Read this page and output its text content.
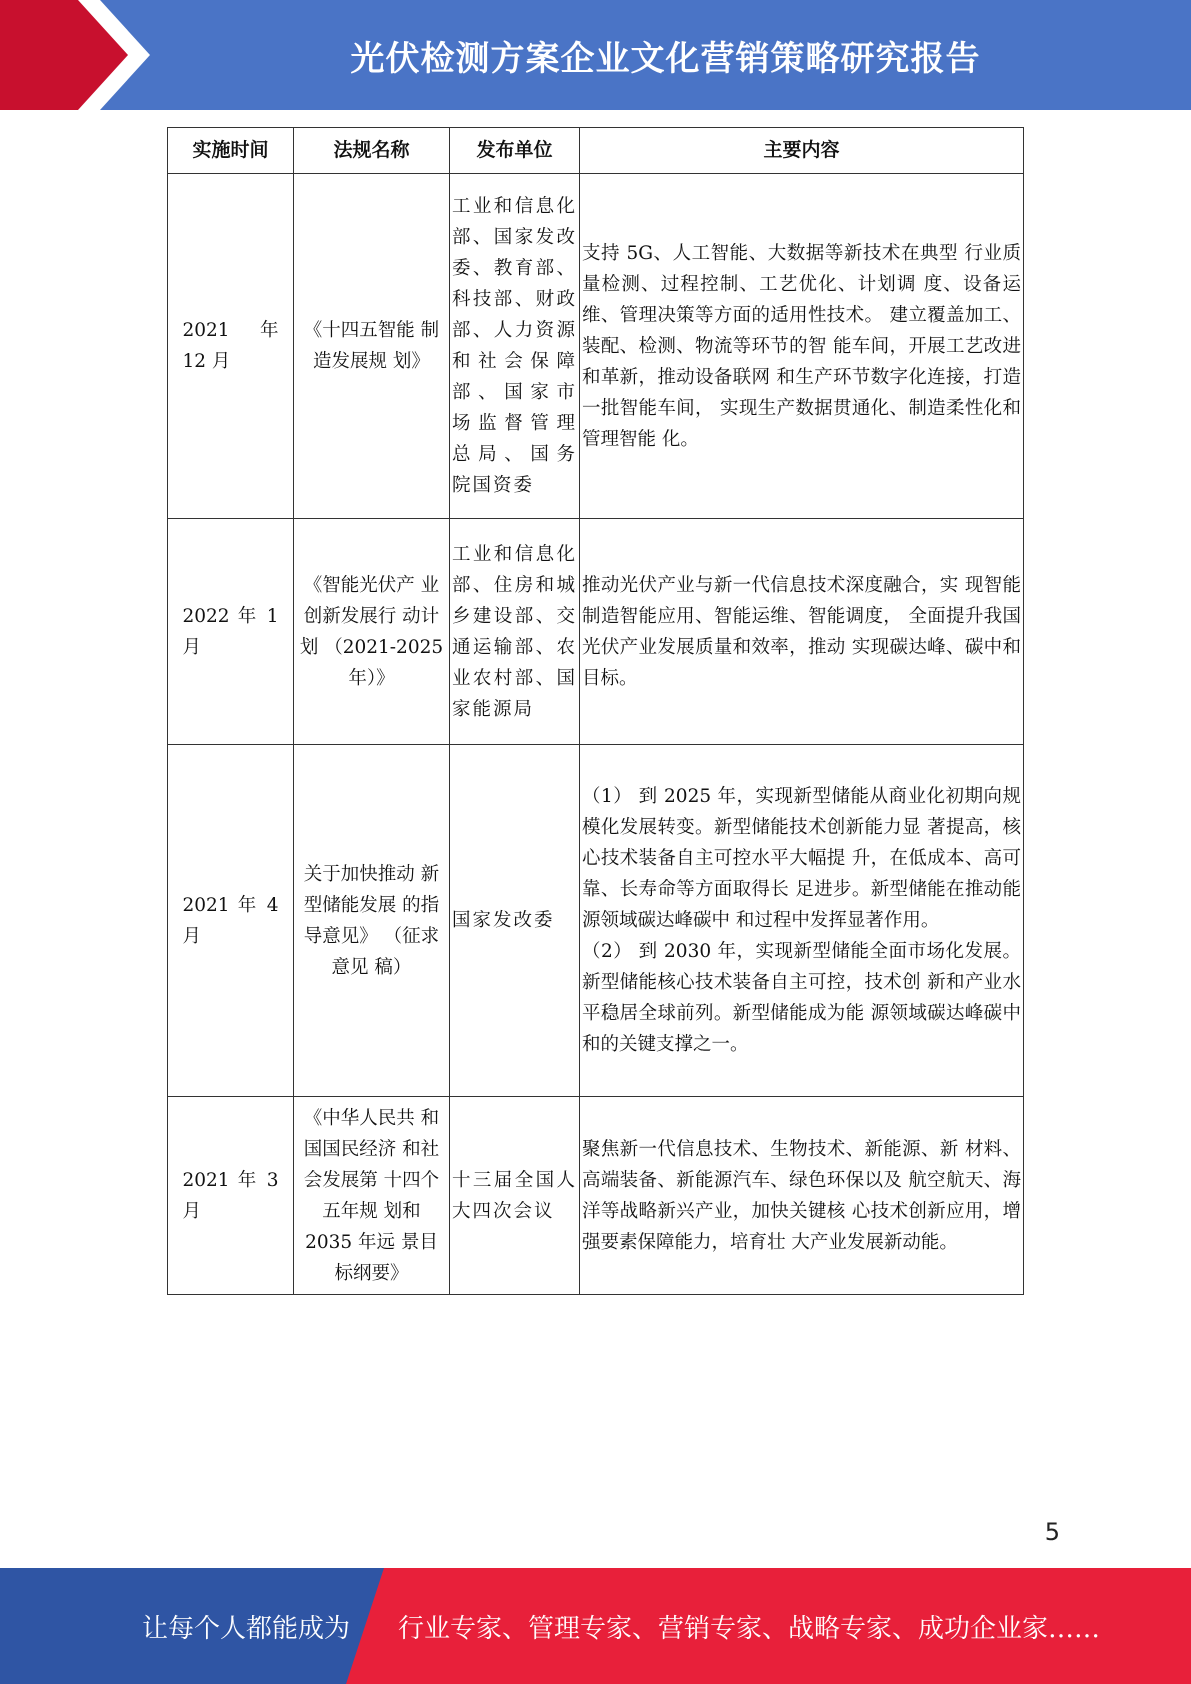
光伏检测方案企业文化营销策略研究报告
实施时间	法规名称	发布单位	主要内容
2021 年 12 月	《十四五智能 制造发展规 划》	工业和信息化部、国家发改委、教育部、科技部、财政部、人力资源和社会保障 部、国家市 场监督管理 总局、国务 院国资委	支持 5G、人工智能、大数据等新技术在典型 行业质量检测、过程控制、工艺优化、计划调 度、设备运维、管理决策等方面的适用性技术。 建立覆盖加工、装配、检测、物流等环节的智 能车间，开展工艺改进和革新，推动设备联网 和生产环节数字化连接，打造一批智能车间， 实现生产数据贯通化、制造柔性化和管理智能 化。

2022 年 1 月	《智能光伏产 业创新发展行 动计划 （2021-2025 年）》	工业和信息化部、住房和城乡建设部、交通运输部、农业农村部、国家能源局	推动光伏产业与新一代信息技术深度融合，实 现智能制造智能应用、智能运维、智能调度， 全面提升我国光伏产业发展质量和效率，推动 实现碳达峰、碳中和目标。

2021 年 4 月	关于加快推动 新型储能发展 的指导意见》 （征求意见 稿）	国家发改委	（1） 到 2025 年，实现新型储能从商业化初期向规模化发展转变。新型储能技术创新能力显 著提高，核心技术装备自主可控水平大幅提 升，在低成本、高可靠、长寿命等方面取得长 足进步。新型储能在推动能源领域碳达峰碳中 和过程中发挥显著作用。

（2） 到 2030 年，实现新型储能全面市场化发展。新型储能核心技术装备自主可控，技术创 新和产业水平稳居全球前列。新型储能成为能 源领域碳达峰碳中和的关键支撑之一。

2021 年 3 月	《中华人民共 和国国民经济 和社会发展第 十四个五年规 划和 2035 年远 景目标纲要》	十三届全国人大四次会议	聚焦新一代信息技术、生物技术、新能源、新 材料、高端装备、新能源汽车、绿色环保以及 航空航天、海洋等战略新兴产业，加快关键核 心技术创新应用，增强要素保障能力，培育壮 大产业发展新动能。

5
让每个人都能成为 行业专家、管理专家、营销专家、战略专家、成功企业家……
